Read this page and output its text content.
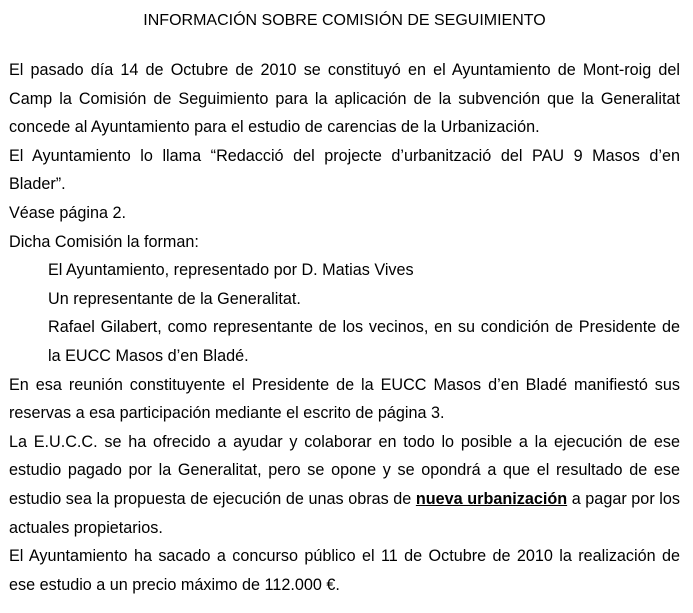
INFORMACIÓN SOBRE COMISIÓN DE SEGUIMIENTO

El pasado día 14 de Octubre de 2010 se constituyó en el Ayuntamiento de Mont-roig del Camp la Comisión de Seguimiento para la aplicación de la subvención que la Generalitat concede al Ayuntamiento para el estudio de carencias de la Urbanización.

El Ayuntamiento lo llama “Redacció del projecte d’urbanització del PAU 9 Masos d’en Blader”.

Véase página 2.

Dicha Comisión la forman:

El Ayuntamiento, representado por D. Matias Vives

Un representante de la Generalitat.

Rafael Gilabert, como representante de los vecinos, en su condición de Presidente de la EUCC Masos d’en Bladé.

En esa reunión constituyente el Presidente de la EUCC Masos d’en Bladé manifiestó sus reservas a esa participación mediante el escrito de página 3.

La E.U.C.C. se ha ofrecido a ayudar y colaborar en todo lo posible a la ejecución de ese estudio pagado por la Generalitat, pero se opone y se opondrá a que el resultado de ese estudio sea la propuesta de ejecución de unas obras de nueva urbanización a pagar por los actuales propietarios.

El Ayuntamiento ha sacado a concurso público el 11 de Octubre de 2010 la realización de ese estudio a un precio máximo de 112.000 €.
